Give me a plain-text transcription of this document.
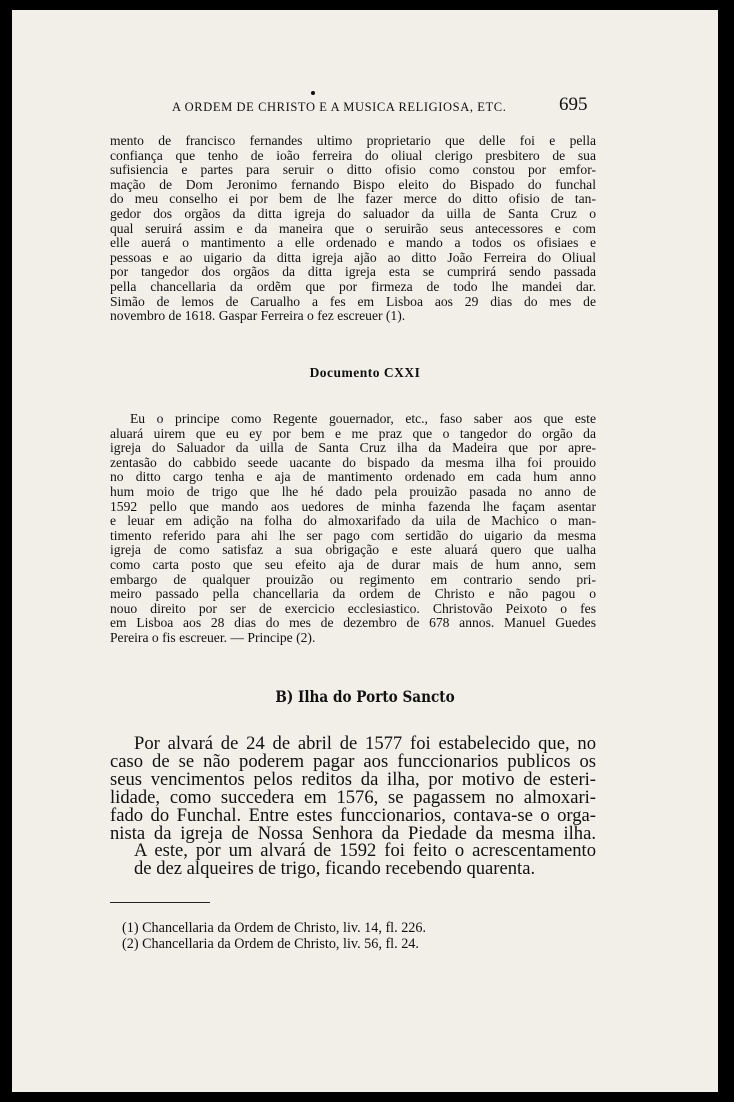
A ORDEM DE CHRISTO E A MUSICA RELIGIOSA, ETC.	695
mento de francisco fernandes ultimo proprietario que delle foi e pella
confiança que tenho de ioão ferreira do oliual clerigo presbitero de sua
sufisiencia e partes para seruir o ditto ofisio como constou por emfor-
mação de Dom Jeronimo fernando Bispo eleito do Bispado do funchal
do meu conselho ei por bem de lhe fazer merce do ditto ofisio de tan-
gedor dos orgãos da ditta igreja do saluador da uilla de Santa Cruz o
qual seruirá assim e da maneira que o seruirão seus antecessores e com
elle auerá o mantimento a elle ordenado e mando a todos os ofisiaes e
pessoas e ao uigario da ditta igreja ajão ao ditto João Ferreira do Oliual
por tangedor dos orgãos da ditta igreja esta se cumprirá sendo passada
pella chancellaria da ordẽm que por firmeza de todo lhe mandei dar.
Simão de lemos de Carualho a fes em Lisboa aos 29 dias do mes de
novembro de 1618. Gaspar Ferreira o fez escreuer (1).
Documento CXXI
Eu o principe como Regente gouernador, etc., faso saber aos que este
aluará uirem que eu ey por bem e me praz que o tangedor do orgão da
igreja do Saluador da uilla de Santa Cruz ilha da Madeira que por apre-
zentasão do cabbido seede uacante do bispado da mesma ilha foi prouido
no ditto cargo tenha e aja de mantimento ordenado em cada hum anno
hum moio de trigo que lhe hé dado pela prouizão pasada no anno de
1592 pello que mando aos uedores de minha fazenda lhe façam asentar
e leuar em adição na folha do almoxarifado da uila de Machico o man-
timento referido para ahi lhe ser pago com sertidão do uigario da mesma
igreja de como satisfaz a sua obrigação e este aluará quero que ualha
como carta posto que seu efeito aja de durar mais de hum anno, sem
embargo de qualquer prouizão ou regimento em contrario sendo pri-
meiro passado pella chancellaria da ordem de Christo e não pagou o
nouo direito por ser de exercicio ecclesiastico. Christovão Peixoto o fes
em Lisboa aos 28 dias do mes de dezembro de 678 annos. Manuel Guedes
Pereira o fis escreuer. — Principe (2).
B) Ilha do Porto Sancto
Por alvará de 24 de abril de 1577 foi estabelecido que, no
caso de se não poderem pagar aos funccionarios publicos os
seus vencimentos pelos reditos da ilha, por motivo de esteri-
lidade, como succedera em 1576, se pagassem no almoxari-
fado do Funchal. Entre estes funccionarios, contava-se o orga-
nista da igreja de Nossa Senhora da Piedade da mesma ilha.
A este, por um alvará de 1592 foi feito o acrescentamento
de dez alqueires de trigo, ficando recebendo quarenta.
(1) Chancellaria da Ordem de Christo, liv. 14, fl. 226.
(2) Chancellaria da Ordem de Christo, liv. 56, fl. 24.
